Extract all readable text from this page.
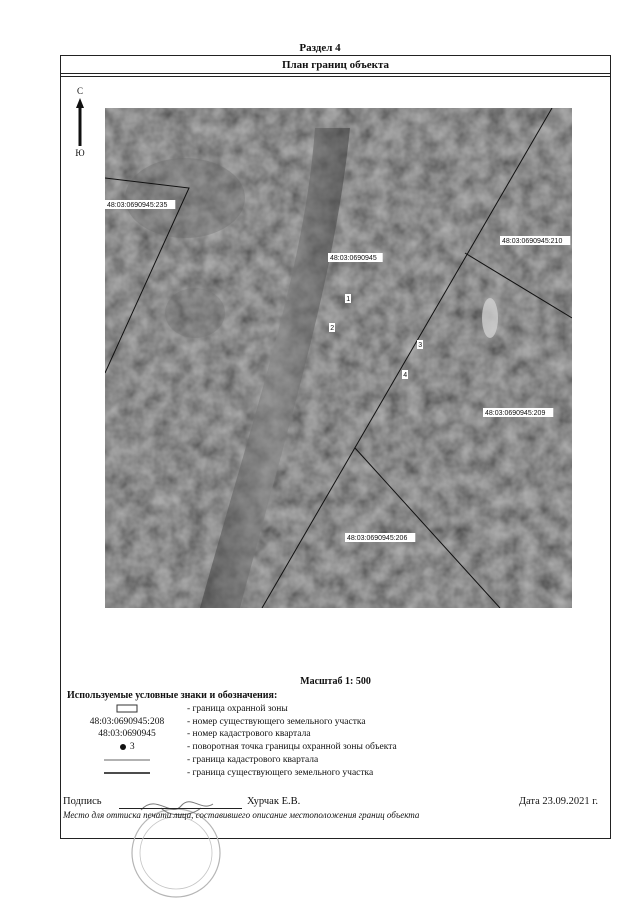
Раздел 4
План границ объекта
С
Ю
48:03:0690945:235
48:03:0690945
48:03:0690945:210
48:03:0690945:209
48:03:0690945:206
1
2
3
4
Масштаб 1: 500
Используемые условные знаки и обозначения:
- граница охранной зоны
48:03:0690945:208	- номер существующего земельного участка
48:03:0690945	- номер кадастрового квартала
3	- поворотная точка границы охранной зоны объекта
- граница кадастрового квартала
- граница существующего земельного участка
Подпись	Хурчак Е.В.	Дата 23.09.2021 г.
Место для оттиска печати лица, составившего описание местоположения границ объекта
